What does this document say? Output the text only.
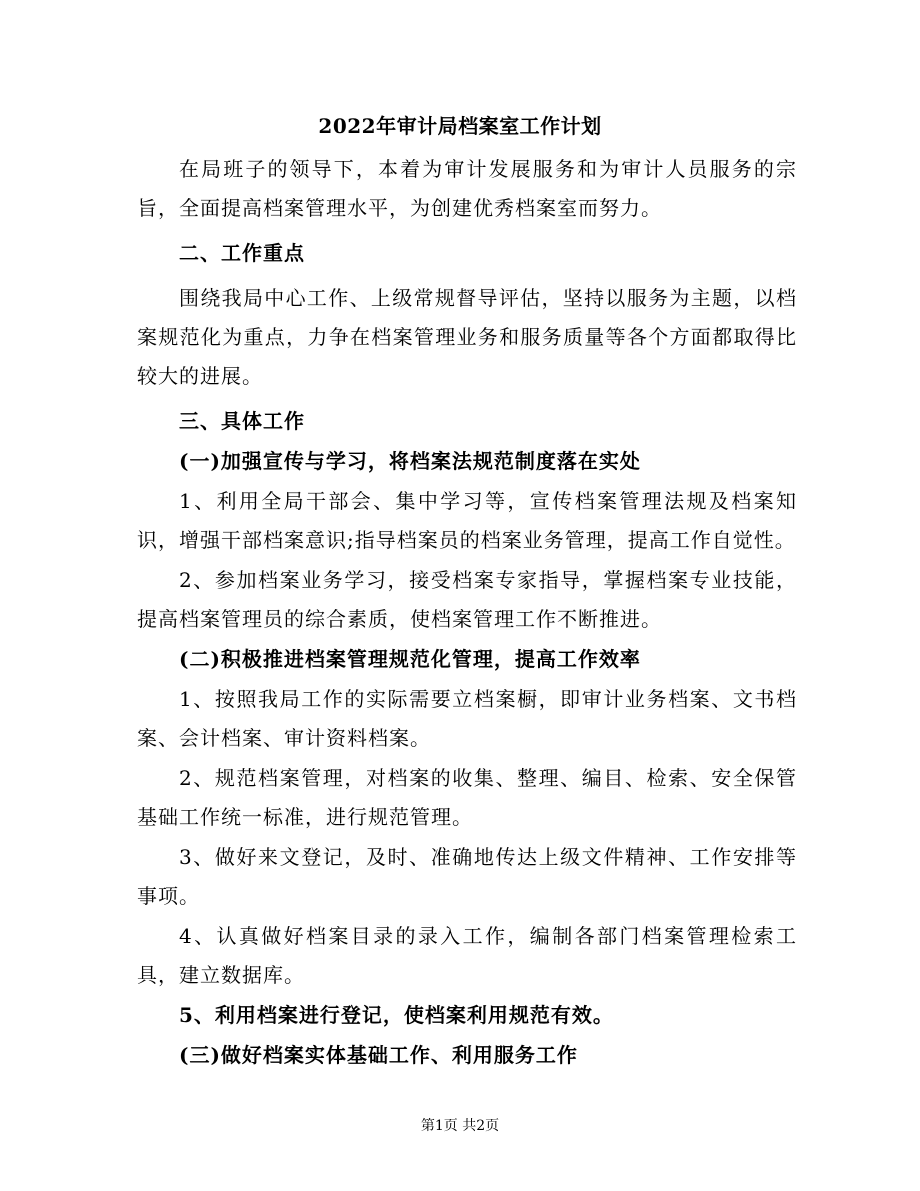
2022年审计局档案室工作计划

在局班子的领导下，本着为审计发展服务和为审计人员服务的宗旨，全面提高档案管理水平，为创建优秀档案室而努力。

二、工作重点

围绕我局中心工作、上级常规督导评估，坚持以服务为主题，以档案规范化为重点，力争在档案管理业务和服务质量等各个方面都取得比较大的进展。

三、具体工作

(一)加强宣传与学习，将档案法规范制度落在实处

1、利用全局干部会、集中学习等，宣传档案管理法规及档案知识，增强干部档案意识;指导档案员的档案业务管理，提高工作自觉性。

2、参加档案业务学习，接受档案专家指导，掌握档案专业技能，提高档案管理员的综合素质，使档案管理工作不断推进。

(二)积极推进档案管理规范化管理，提高工作效率

1、按照我局工作的实际需要立档案橱，即审计业务档案、文书档案、会计档案、审计资料档案。

2、规范档案管理，对档案的收集、整理、编目、检索、安全保管基础工作统一标准，进行规范管理。

3、做好来文登记，及时、准确地传达上级文件精神、工作安排等事项。

4、认真做好档案目录的录入工作，编制各部门档案管理检索工具，建立数据库。

5、利用档案进行登记，使档案利用规范有效。

(三)做好档案实体基础工作、利用服务工作

第1页 共2页
